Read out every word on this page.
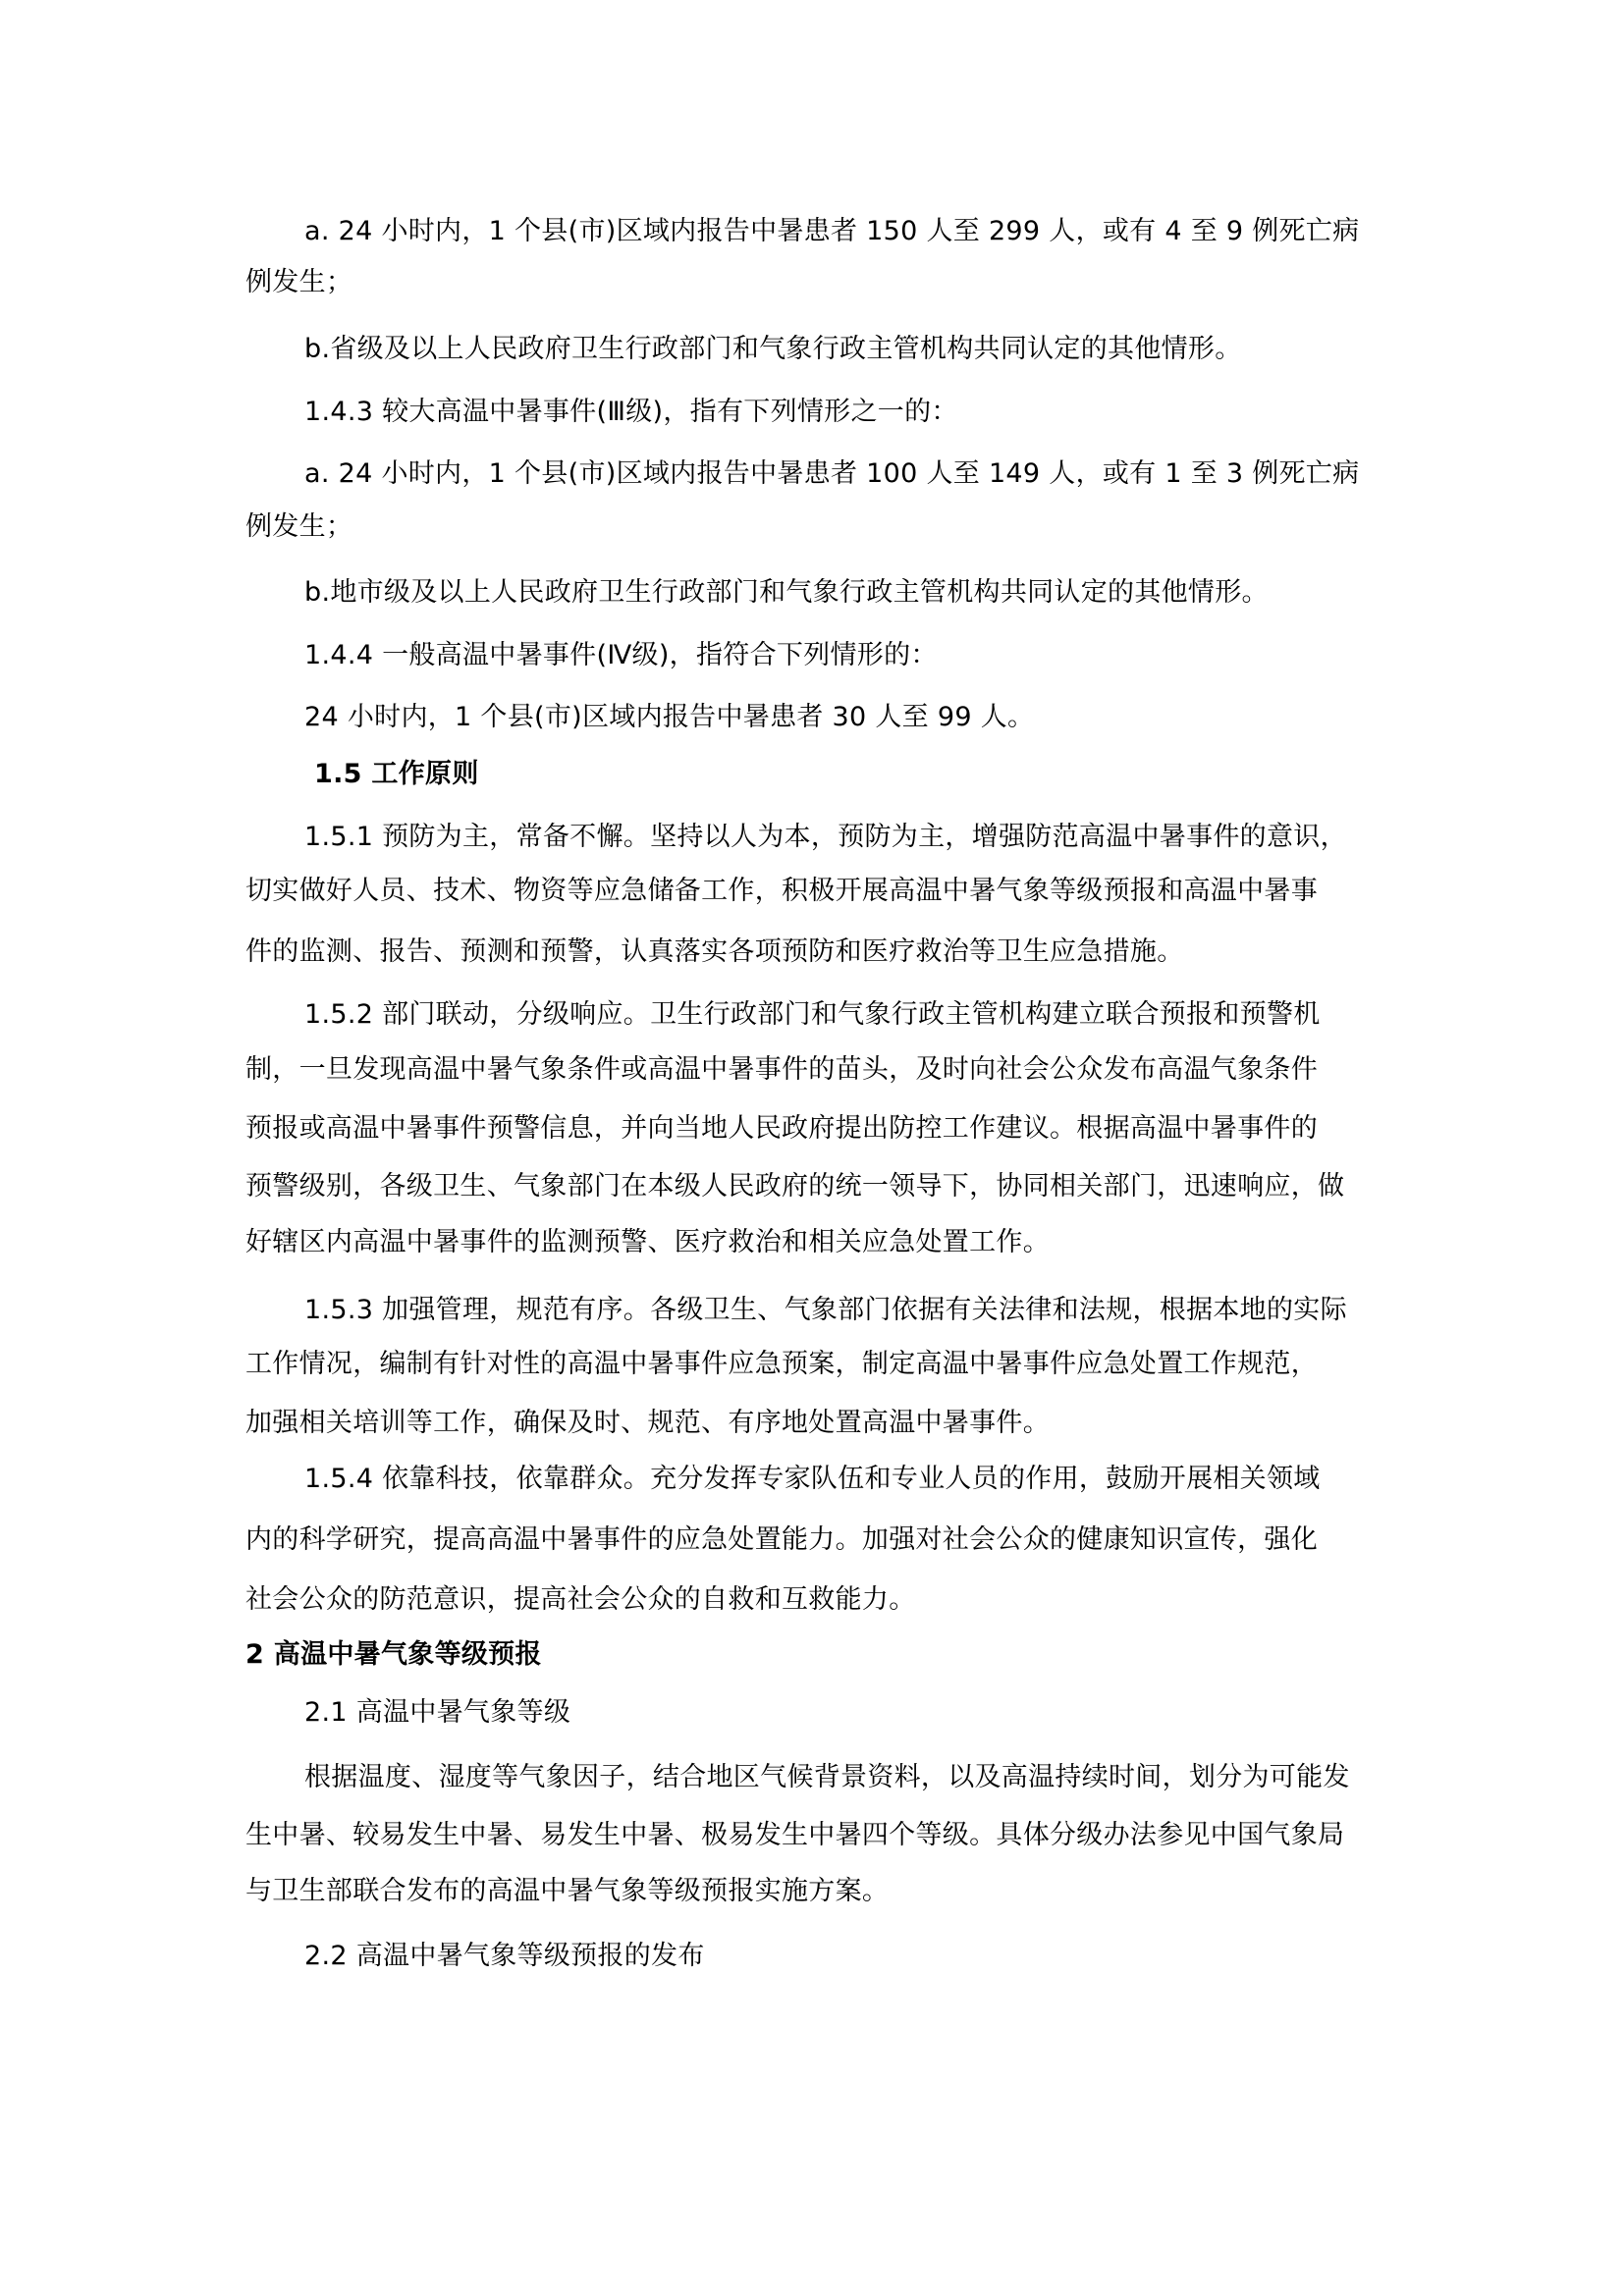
a. 24 小时内，1 个县(市)区域内报告中暑患者 150 人至 299 人，或有 4 至 9 例死亡病
例发生；
b.省级及以上人民政府卫生行政部门和气象行政主管机构共同认定的其他情形。
1.4.3 较大高温中暑事件(Ⅲ级)，指有下列情形之一的：
a. 24 小时内，1 个县(市)区域内报告中暑患者 100 人至 149 人，或有 1 至 3 例死亡病
例发生；
b.地市级及以上人民政府卫生行政部门和气象行政主管机构共同认定的其他情形。
1.4.4 一般高温中暑事件(Ⅳ级)，指符合下列情形的：
24 小时内，1 个县(市)区域内报告中暑患者 30 人至 99 人。
1.5 工作原则
1.5.1 预防为主，常备不懈。坚持以人为本，预防为主，增强防范高温中暑事件的意识，
切实做好人员、技术、物资等应急储备工作，积极开展高温中暑气象等级预报和高温中暑事
件的监测、报告、预测和预警，认真落实各项预防和医疗救治等卫生应急措施。
1.5.2 部门联动，分级响应。卫生行政部门和气象行政主管机构建立联合预报和预警机
制，一旦发现高温中暑气象条件或高温中暑事件的苗头，及时向社会公众发布高温气象条件
预报或高温中暑事件预警信息，并向当地人民政府提出防控工作建议。根据高温中暑事件的
预警级别，各级卫生、气象部门在本级人民政府的统一领导下，协同相关部门，迅速响应，做
好辖区内高温中暑事件的监测预警、医疗救治和相关应急处置工作。
1.5.3 加强管理，规范有序。各级卫生、气象部门依据有关法律和法规，根据本地的实际
工作情况，编制有针对性的高温中暑事件应急预案，制定高温中暑事件应急处置工作规范，
加强相关培训等工作，确保及时、规范、有序地处置高温中暑事件。
1.5.4 依靠科技，依靠群众。充分发挥专家队伍和专业人员的作用，鼓励开展相关领域
内的科学研究，提高高温中暑事件的应急处置能力。加强对社会公众的健康知识宣传，强化
社会公众的防范意识，提高社会公众的自救和互救能力。
2 高温中暑气象等级预报
2.1 高温中暑气象等级
根据温度、湿度等气象因子，结合地区气候背景资料，以及高温持续时间，划分为可能发
生中暑、较易发生中暑、易发生中暑、极易发生中暑四个等级。具体分级办法参见中国气象局
与卫生部联合发布的高温中暑气象等级预报实施方案。
2.2 高温中暑气象等级预报的发布
